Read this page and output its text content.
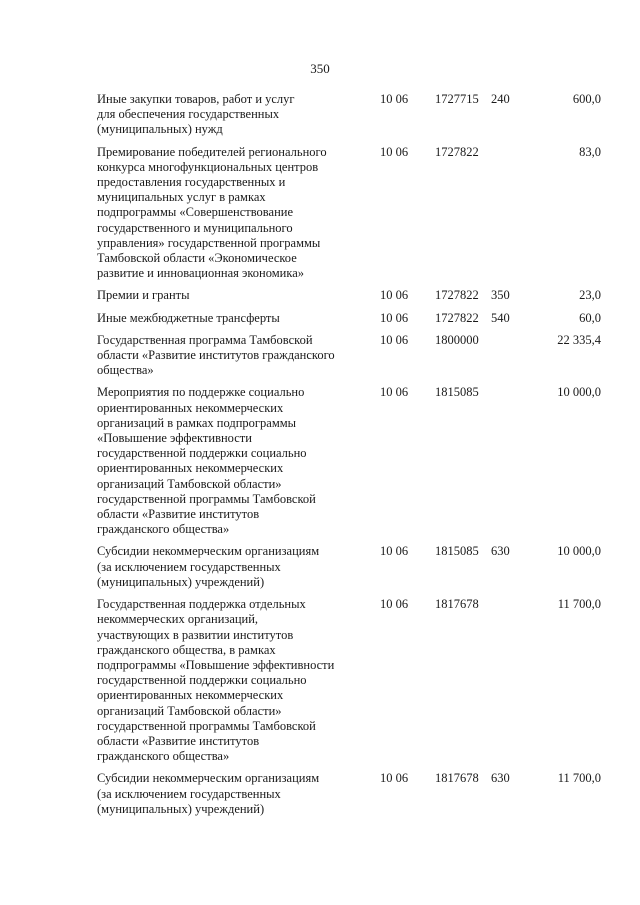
350
Иные закупки товаров, работ и услуг
для обеспечения государственных
(муниципальных) нужд
10 06 1727715 240	600,0
Премирование победителей регионального
конкурса многофункциональных центров
предоставления государственных и
муниципальных услуг в рамках
подпрограммы «Совершенствование
государственного и муниципального
управления» государственной программы
Тамбовской области «Экономическое
развитие и инновационная экономика»
10 06 1727822	83,0
Премии и гранты	10 06 1727822 350	23,0
Иные межбюджетные трансферты	10 06 1727822 540	60,0
Государственная программа Тамбовской
области «Развитие институтов гражданского
общества»
10 06 1800000	22 335,4
Мероприятия по поддержке социально
ориентированных некоммерческих
организаций в рамках подпрограммы
«Повышение эффективности
государственной поддержки социально
ориентированных некоммерческих
организаций Тамбовской области»
государственной программы Тамбовской
области «Развитие институтов
гражданского общества»
10 06 1815085	10 000,0
Субсидии некоммерческим организациям
(за исключением государственных
(муниципальных) учреждений)
10 06 1815085 630	10 000,0
Государственная поддержка отдельных
некоммерческих организаций,
участвующих в развитии институтов
гражданского общества, в рамках
подпрограммы «Повышение эффективности
государственной поддержки социально
ориентированных некоммерческих
организаций Тамбовской области»
государственной программы Тамбовской
области «Развитие институтов
гражданского общества»
10 06 1817678	11 700,0
Субсидии некоммерческим организациям
(за исключением государственных
(муниципальных) учреждений)
10 06 1817678 630	11 700,0
